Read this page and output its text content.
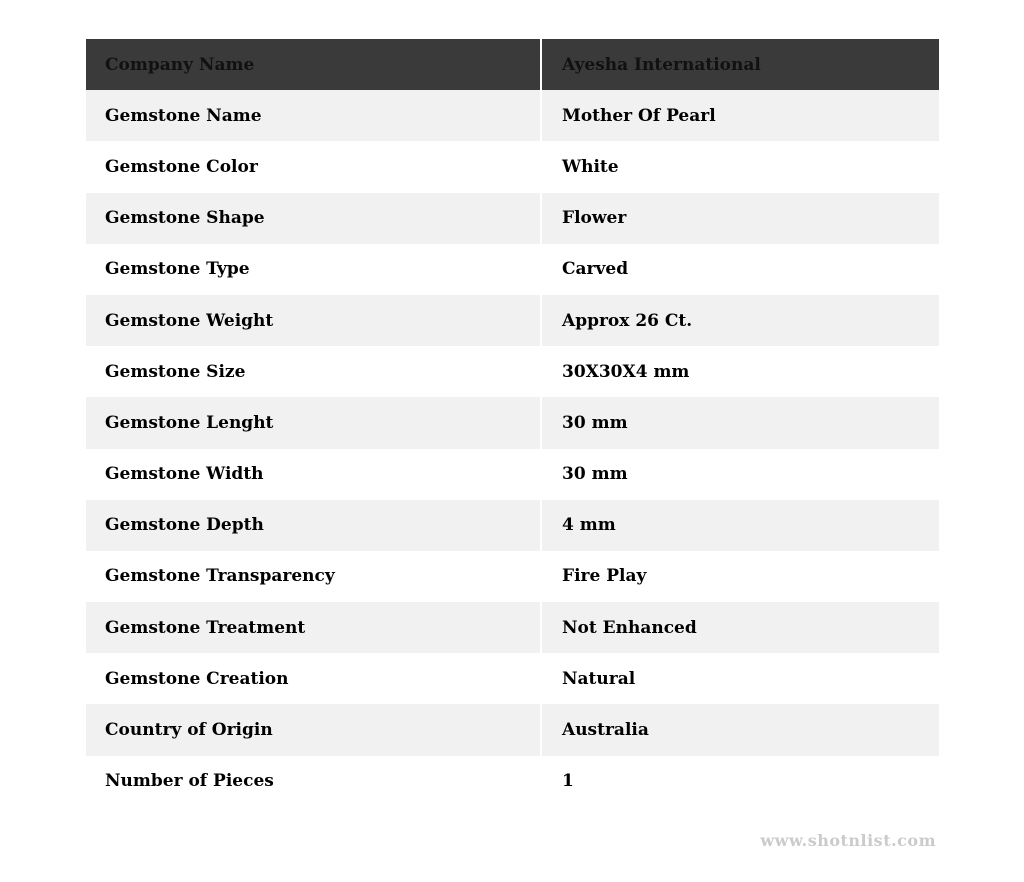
Company Name	Ayesha International
Gemstone Name	Mother Of Pearl
Gemstone Color	White
Gemstone Shape	Flower
Gemstone Type	Carved
Gemstone Weight	Approx 26 Ct.
Gemstone Size	30X30X4 mm
Gemstone Lenght	30 mm
Gemstone Width	30 mm
Gemstone Depth	4 mm
Gemstone Transparency	Fire Play
Gemstone Treatment	Not Enhanced
Gemstone Creation	Natural
Country of Origin	Australia
Number of Pieces	1
www.shotnlist.com
